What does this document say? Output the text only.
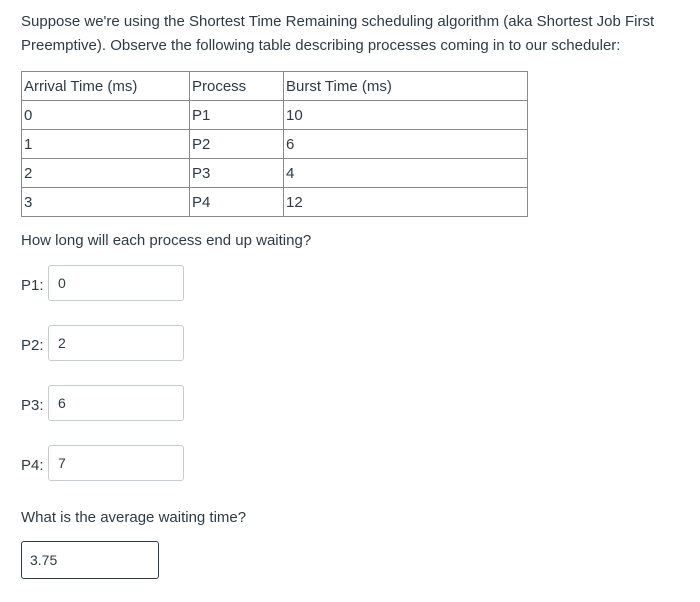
Suppose we're using the Shortest Time Remaining scheduling algorithm (aka Shortest Job First Preemptive). Observe the following table describing processes coming in to our scheduler:
Arrival Time (ms)	Process	Burst Time (ms)
0	P1	10
1	P2	6
2	P3	4
3	P4	12
How long will each process end up waiting?
P1:
0
P2:
2
P3:
6
P4:
7
What is the average waiting time?
3.75
